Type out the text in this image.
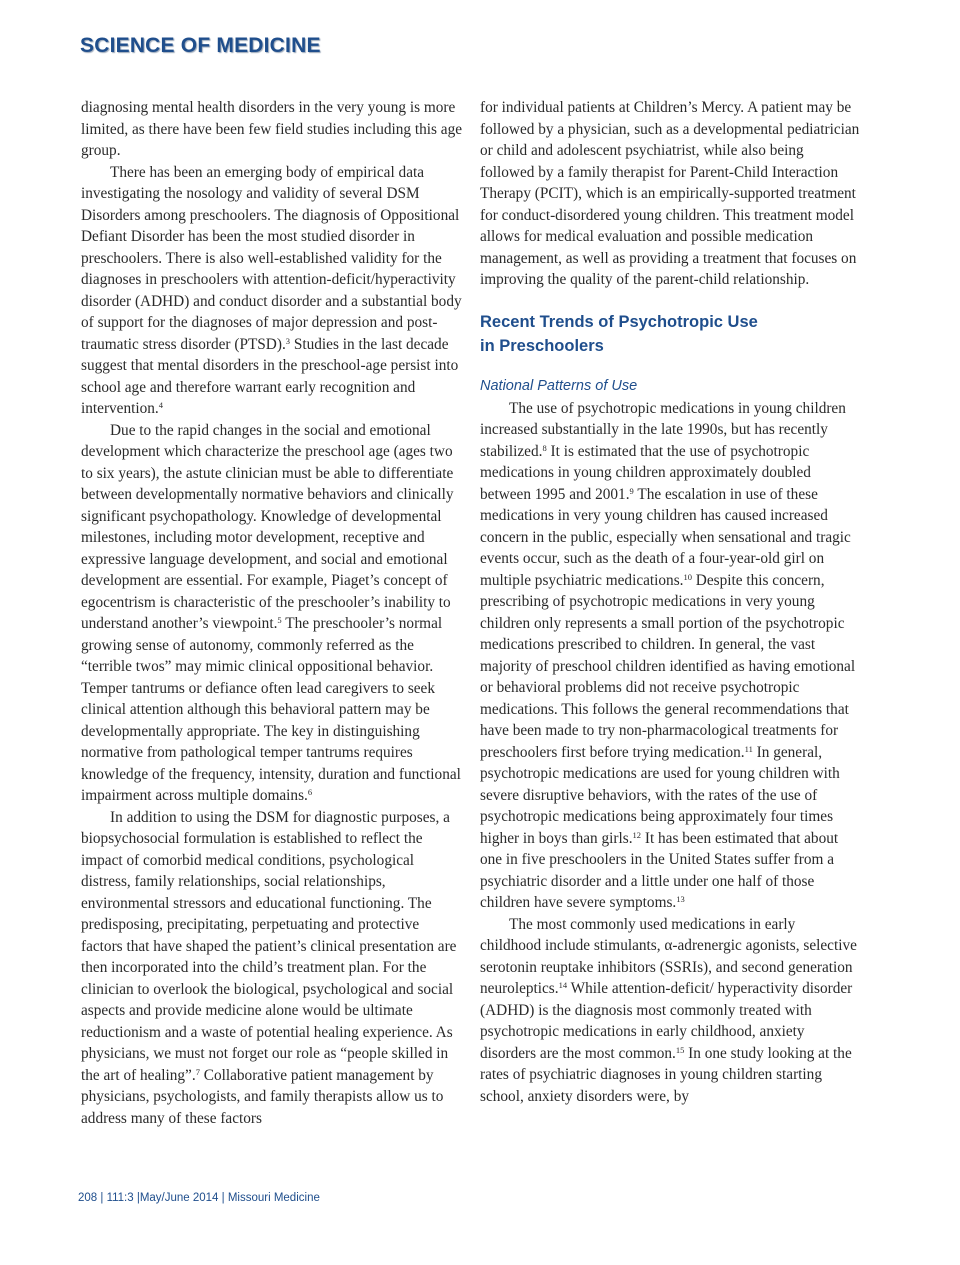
SCIENCE OF MEDICINE

diagnosing mental health disorders in the very young is more limited, as there have been few field studies including this age group.

There has been an emerging body of empirical data investigating the nosology and validity of several DSM Disorders among preschoolers. The diagnosis of Oppositional Defiant Disorder has been the most studied disorder in preschoolers. There is also well-established validity for the diagnoses in preschoolers with attention-deficit/hyperactivity disorder (ADHD) and conduct disorder and a substantial body of support for the diagnoses of major depression and post-traumatic stress disorder (PTSD).$^3$ Studies in the last decade suggest that mental disorders in the preschool-age persist into school age and therefore warrant early recognition and intervention.$^4$

Due to the rapid changes in the social and emotional development which characterize the preschool age (ages two to six years), the astute clinician must be able to differentiate between developmentally normative behaviors and clinically significant psychopathology. Knowledge of developmental milestones, including motor development, receptive and expressive language development, and social and emotional development are essential. For example, Piaget’s concept of egocentrism is characteristic of the preschooler’s inability to understand another’s viewpoint.$^5$ The preschooler’s normal growing sense of autonomy, commonly referred as the “terrible twos” may mimic clinical oppositional behavior. Temper tantrums or defiance often lead caregivers to seek clinical attention although this behavioral pattern may be developmentally appropriate. The key in distinguishing normative from pathological temper tantrums requires knowledge of the frequency, intensity, duration and functional impairment across multiple domains.$^6$

In addition to using the DSM for diagnostic purposes, a biopsychosocial formulation is established to reflect the impact of comorbid medical conditions, psychological distress, family relationships, social relationships, environmental stressors and educational functioning. The predisposing, precipitating, perpetuating and protective factors that have shaped the patient’s clinical presentation are then incorporated into the child’s treatment plan. For the clinician to overlook the biological, psychological and social aspects and provide medicine alone would be ultimate reductionism and a waste of potential healing experience. As physicians, we must not forget our role as “people skilled in the art of healing”.$^7$ Collaborative patient management by physicians, psychologists, and family therapists allow us to address many of these factors

for individual patients at Children’s Mercy. A patient may be followed by a physician, such as a developmental pediatrician or child and adolescent psychiatrist, while also being followed by a family therapist for Parent-Child Interaction Therapy (PCIT), which is an empirically-supported treatment for conduct-disordered young children. This treatment model allows for medical evaluation and possible medication management, as well as providing a treatment that focuses on improving the quality of the parent-child relationship.

Recent Trends of Psychotropic Use
in Preschoolers
National Patterns of Use

The use of psychotropic medications in young children increased substantially in the late 1990s, but has recently stabilized.$^8$ It is estimated that the use of psychotropic medications in young children approximately doubled between 1995 and 2001.$^9$ The escalation in use of these medications in very young children has caused increased concern in the public, especially when sensational and tragic events occur, such as the death of a four-year-old girl on multiple psychiatric medications.$^{10}$ Despite this concern, prescribing of psychotropic medications in very young children only represents a small portion of the psychotropic medications prescribed to children. In general, the vast majority of preschool children identified as having emotional or behavioral problems did not receive psychotropic medications. This follows the general recommendations that have been made to try non-pharmacological treatments for preschoolers first before trying medication.$^{11}$ In general, psychotropic medications are used for young children with severe disruptive behaviors, with the rates of the use of psychotropic medications being approximately four times higher in boys than girls.$^{12}$ It has been estimated that about one in five preschoolers in the United States suffer from a psychiatric disorder and a little under one half of those children have severe symptoms.$^{13}$

The most commonly used medications in early childhood include stimulants, α-adrenergic agonists, selective serotonin reuptake inhibitors (SSRIs), and second generation neuroleptics.$^{14}$ While attention-deficit/ hyperactivity disorder (ADHD) is the diagnosis most commonly treated with psychotropic medications in early childhood, anxiety disorders are the most common.$^{15}$ In one study looking at the rates of psychiatric diagnoses in young children starting school, anxiety disorders were, by

208 | 111:3 |May/June 2014 | Missouri Medicine
